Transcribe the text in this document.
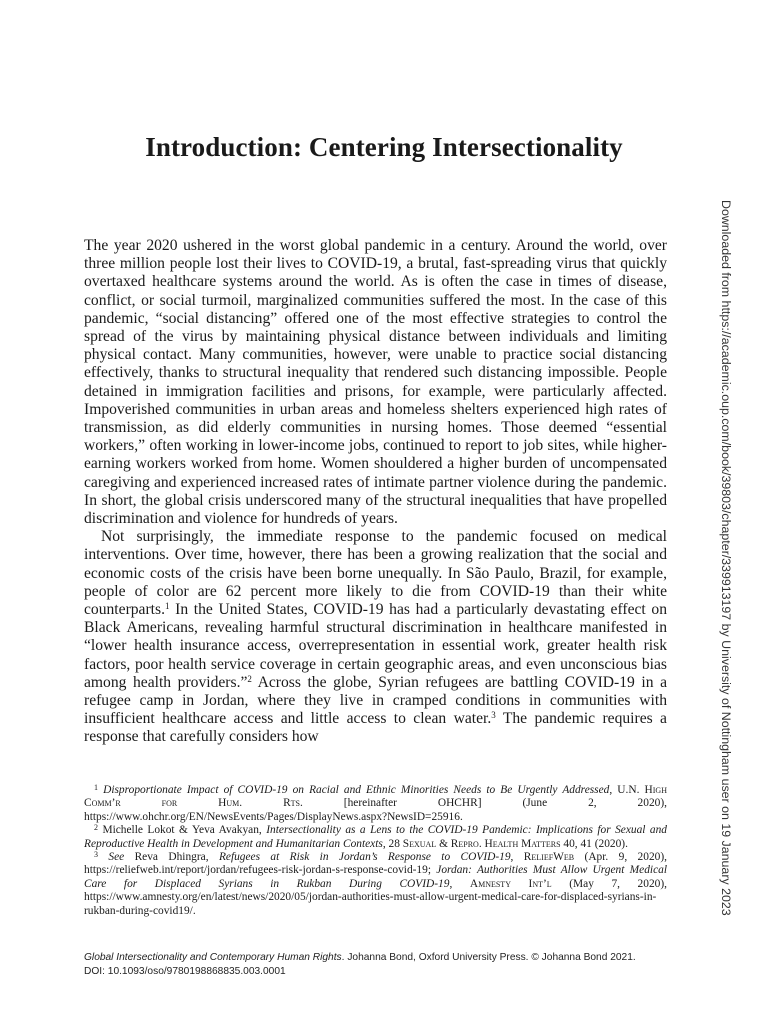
Introduction: Centering Intersectionality

The year 2020 ushered in the worst global pandemic in a century. Around the world, over three million people lost their lives to COVID-19, a brutal, fast-spreading virus that quickly overtaxed healthcare systems around the world. As is often the case in times of disease, conflict, or social turmoil, marginalized communities suffered the most. In the case of this pandemic, “social distancing” offered one of the most effective strategies to control the spread of the virus by maintaining physical distance between individuals and limiting physical contact. Many communities, however, were unable to practice social distancing effectively, thanks to structural inequality that rendered such distancing impossible. People detained in immigration facilities and prisons, for example, were particularly affected. Impoverished communities in urban areas and homeless shelters experienced high rates of transmission, as did elderly communities in nursing homes. Those deemed “essential workers,” often working in lower-income jobs, continued to report to job sites, while higher-earning workers worked from home. Women shouldered a higher burden of uncompensated caregiving and experienced increased rates of intimate partner violence during the pandemic. In short, the global crisis underscored many of the structural inequalities that have propelled discrimination and violence for hundreds of years.

Not surprisingly, the immediate response to the pandemic focused on medical interventions. Over time, however, there has been a growing realization that the social and economic costs of the crisis have been borne unequally. In São Paulo, Brazil, for example, people of color are 62 percent more likely to die from COVID-19 than their white counterparts.$^1$ In the United States, COVID-19 has had a particularly devastating effect on Black Americans, revealing harmful structural discrimination in healthcare manifested in “lower health insurance access, overrepresentation in essential work, greater health risk factors, poor health service coverage in certain geographic areas, and even unconscious bias among health providers.”$^2$ Across the globe, Syrian refugees are battling COVID-19 in a refugee camp in Jordan, where they live in cramped conditions in communities with insufficient healthcare access and little access to clean water.$^3$ The pandemic requires a response that carefully considers how

$^1$ Disproportionate Impact of COVID-19 on Racial and Ethnic Minorities Needs to Be Urgently Addressed, U.N. High Comm’r for Hum. Rts. [hereinafter OHCHR] (June 2, 2020), https://www.ohchr.org/EN/NewsEvents/Pages/DisplayNews.aspx?NewsID=25916.

$^2$ Michelle Lokot & Yeva Avakyan, Intersectionality as a Lens to the COVID-19 Pandemic: Implications for Sexual and Reproductive Health in Development and Humanitarian Contexts, 28 Sexual & Repro. Health Matters 40, 41 (2020).

$^3$ See Reva Dhingra, Refugees at Risk in Jordan’s Response to COVID-19, ReliefWeb (Apr. 9, 2020), https://reliefweb.int/report/jordan/refugees-risk-jordan-s-response-covid-19; Jordan: Authorities Must Allow Urgent Medical Care for Displaced Syrians in Rukban During COVID-19, Amnesty Int’l (May 7, 2020), https://www.amnesty.org/en/latest/news/2020/05/jordan-authorities-must-allow-urgent-medical-care-for-displaced-syrians-in-rukban-during-covid19/.

Global Intersectionality and Contemporary Human Rights. Johanna Bond, Oxford University Press. © Johanna Bond 2021.
DOI: 10.1093/oso/9780198868835.003.0001
Downloaded from https://academic.oup.com/book/39803/chapter/339913197 by University of Nottingham user on 19 January 2023
